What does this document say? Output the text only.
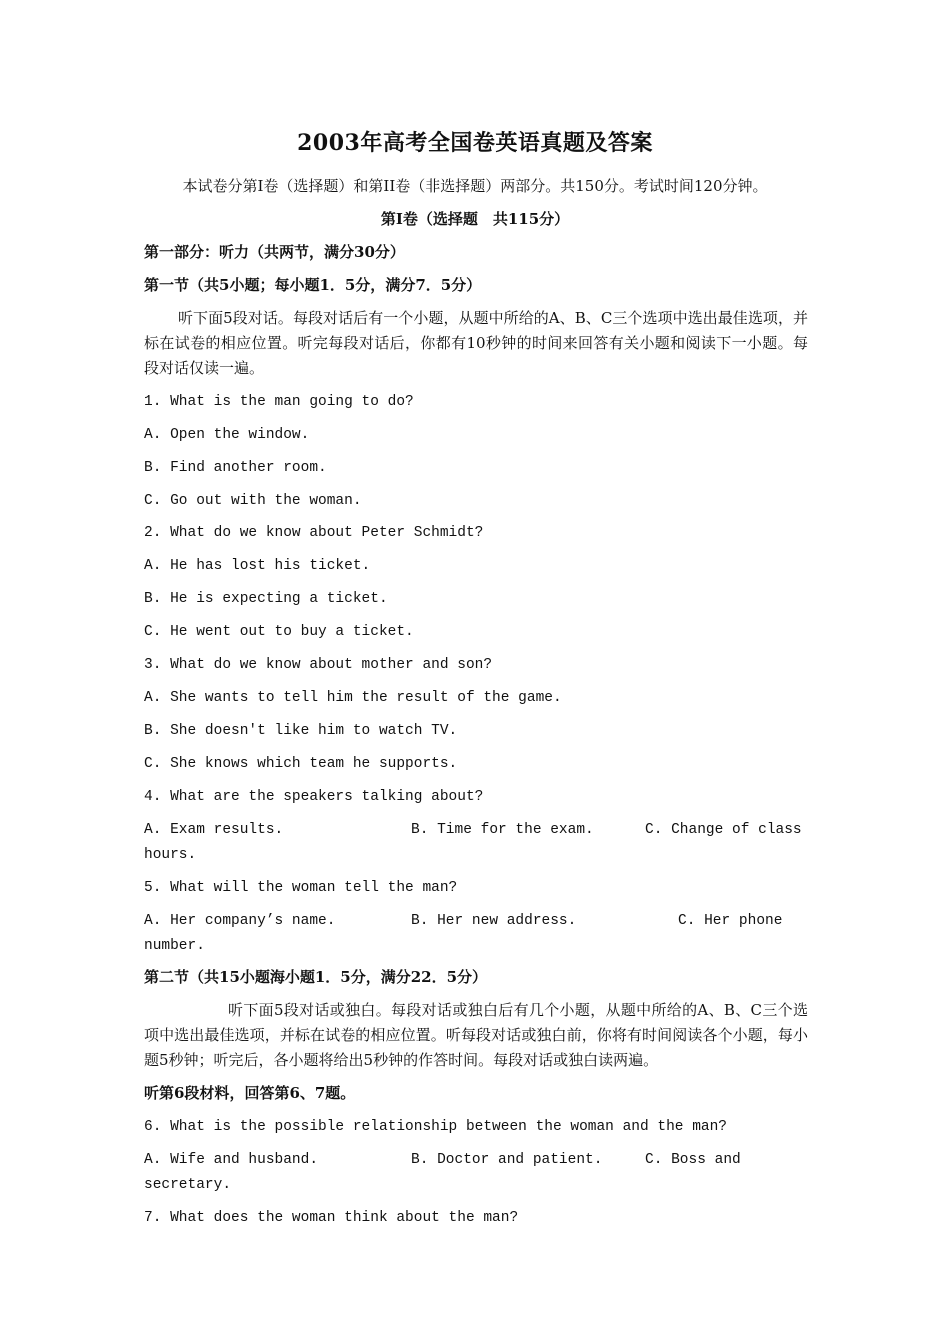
2003年高考全国卷英语真题及答案
本试卷分第I卷（选择题）和第II卷（非选择题）两部分。共150分。考试时间120分钟。
第I卷（选择题　共115分）
第一部分：听力（共两节，满分30分）
第一节（共5小题；每小题1．5分，满分7．5分）
听下面5段对话。每段对话后有一个小题，从题中所给的A、B、C三个选项中选出最佳选项，并标在试卷的相应位置。听完每段对话后，你都有10秒钟的时间来回答有关小题和阅读下一小题。每段对话仅读一遍。
1. What is the man going to do?
A. Open the window.
B. Find another room.
C. Go out with the woman.
2. What do we know about Peter Schmidt?
A. He has lost his ticket.
B. He is expecting a ticket.
C. He went out to buy a ticket.
3. What do we know about mother and son?
A. She wants to tell him the result of the game.
B. She doesn't like him to watch TV.
C. She knows which team he supports.
4. What are the speakers talking about?
A. Exam results.	B. Time for the exam.	C. Change of class
hours.
5. What will the woman tell the man?
A. Her company’s name.	B. Her new address.	C. Her phone
number.
第二节（共15小题海小题1．5分，满分22．5分）
听下面5段对话或独白。每段对话或独白后有几个小题，从题中所给的A、B、C三个选项中选出最佳选项，并标在试卷的相应位置。听每段对话或独白前，你将有时间阅读各个小题，每小题5秒钟；听完后，各小题将给出5秒钟的作答时间。每段对话或独白读两遍。
听第6段材料，回答第6、7题。
6. What is the possible relationship between the woman and the man?
A. Wife and husband.	B. Doctor and patient.	C. Boss and
secretary.
7. What does the woman think about the man?
